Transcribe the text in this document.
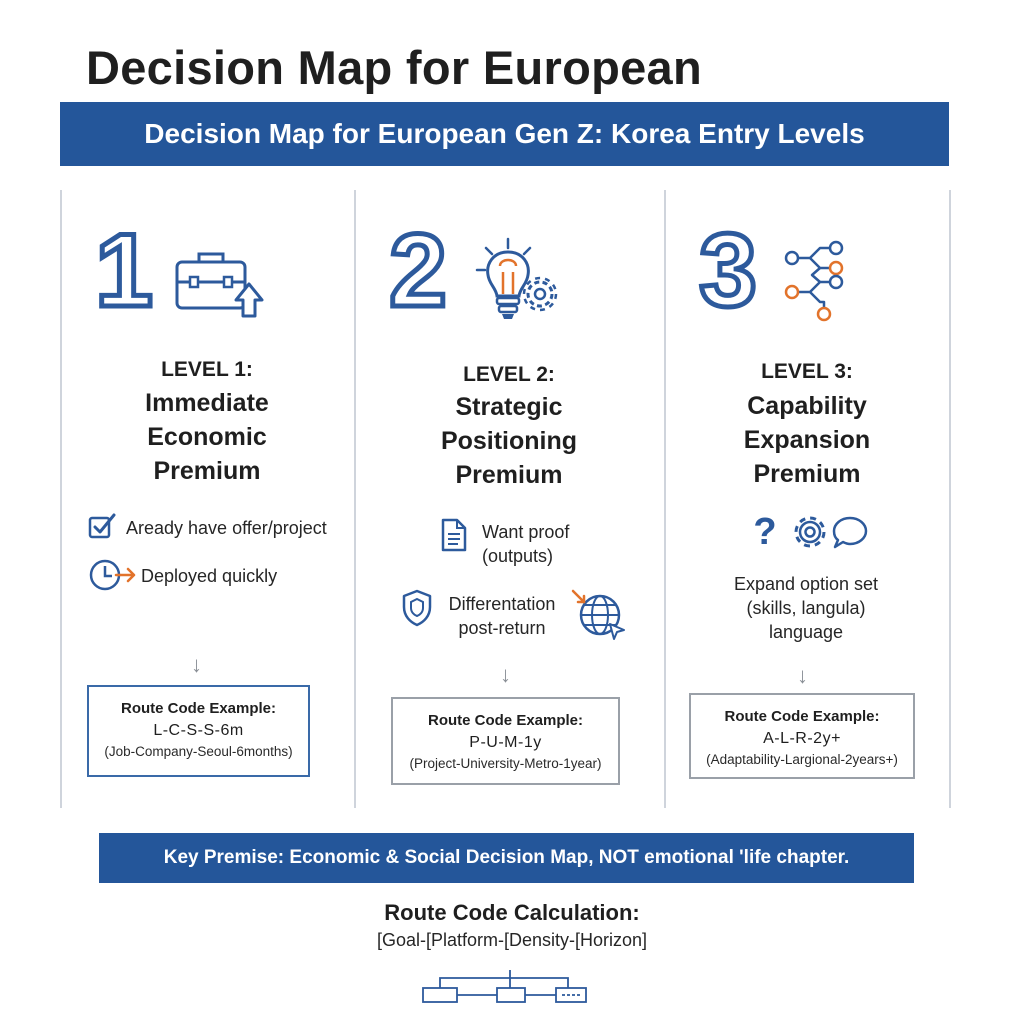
Decision Map for European
Decision Map for European Gen Z: Korea Entry Levels
1
LEVEL 1:
Immediate
Economic
Premium
Aready have offer/project
Deployed quickly
↓
Route Code Example:
L-C-S-S-6m
(Job-Company-Seoul-6months)
2
LEVEL 2:
Strategic
Positioning
Premium
Want proof
(outputs)
Differentation
post-return
↓
Route Code Example:
P-U-M-1y
(Project-University-Metro-1year)
3
LEVEL 3:
Capability
Expansion
Premium
?
Expand option set
(skills, langula)
language
↓
Route Code Example:
A-L-R-2y+
(Adaptability-Largional-2years+)
Key Premise: Economic & Social Decision Map, NOT emotional 'life chapter.
Route Code Calculation:
[Goal-[Platform-[Density-[Horizon]
